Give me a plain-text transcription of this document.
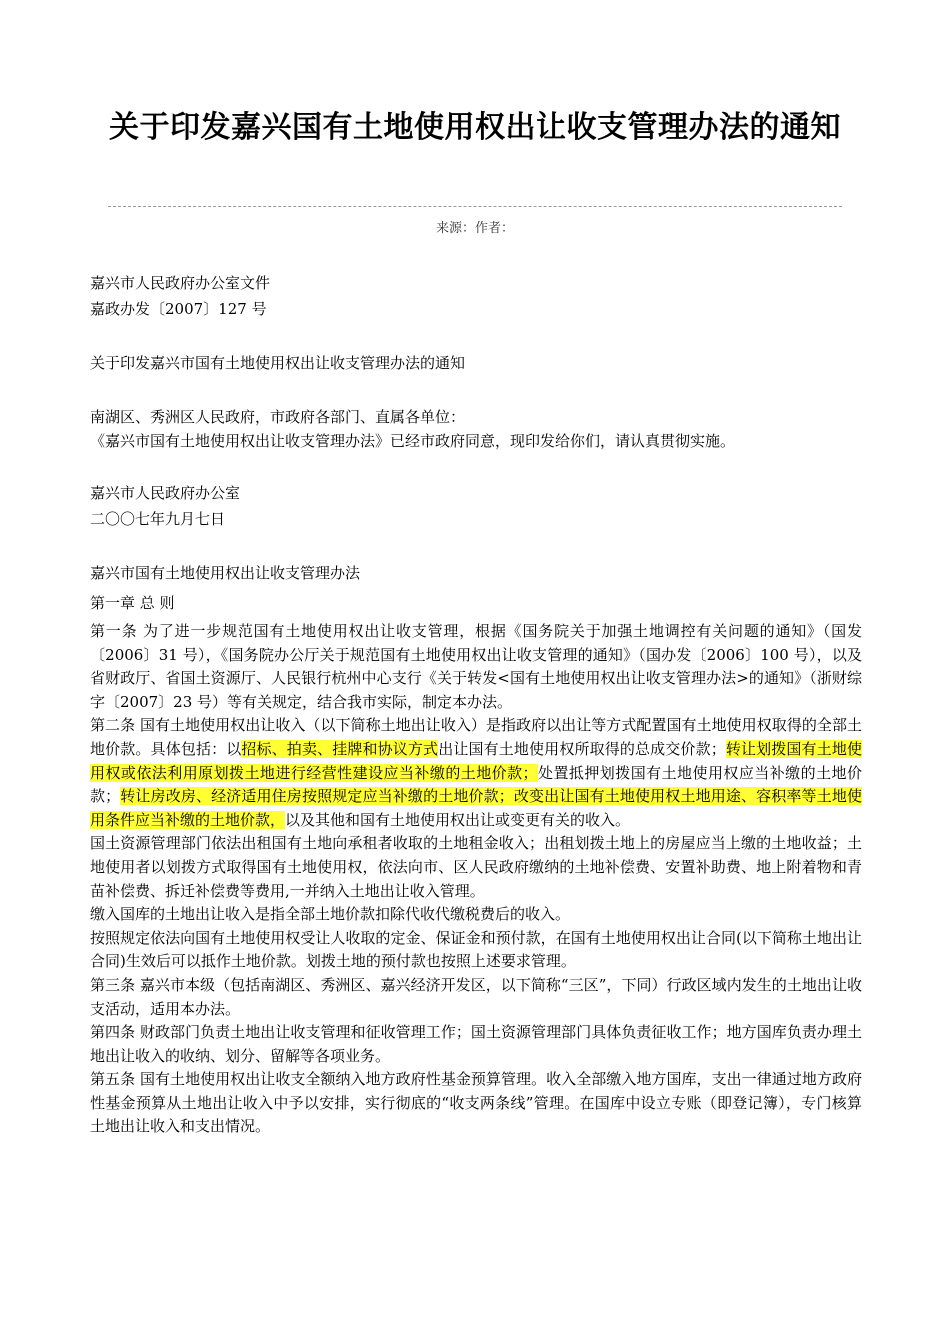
关于印发嘉兴国有土地使用权出让收支管理办法的通知
来源：作者：
嘉兴市人民政府办公室文件
嘉政办发〔2007〕127 号
关于印发嘉兴市国有土地使用权出让收支管理办法的通知
南湖区、秀洲区人民政府，市政府各部门、直属各单位：
《嘉兴市国有土地使用权出让收支管理办法》已经市政府同意，现印发给你们，请认真贯彻实施。
嘉兴市人民政府办公室
二〇〇七年九月七日
嘉兴市国有土地使用权出让收支管理办法
第一章 总 则
第一条 为了进一步规范国有土地使用权出让收支管理，根据《国务院关于加强土地调控有关问题的通知》（国发〔2006〕31 号），《国务院办公厅关于规范国有土地使用权出让收支管理的通知》（国办发〔2006〕100 号），以及省财政厅、省国土资源厅、人民银行杭州中心支行《关于转发<国有土地使用权出让收支管理办法>的通知》（浙财综字〔2007〕23 号）等有关规定，结合我市实际，制定本办法。
第二条 国有土地使用权出让收入（以下简称土地出让收入）是指政府以出让等方式配置国有土地使用权取得的全部土地价款。具体包括：以招标、拍卖、挂牌和协议方式出让国有土地使用权所取得的总成交价款；转让划拨国有土地使用权或依法利用原划拨土地进行经营性建设应当补缴的土地价款；处置抵押划拨国有土地使用权应当补缴的土地价款；转让房改房、经济适用住房按照规定应当补缴的土地价款；改变出让国有土地使用权土地用途、容积率等土地使用条件应当补缴的土地价款，以及其他和国有土地使用权出让或变更有关的收入。
国土资源管理部门依法出租国有土地向承租者收取的土地租金收入；出租划拨土地上的房屋应当上缴的土地收益；土地使用者以划拨方式取得国有土地使用权，依法向市、区人民政府缴纳的土地补偿费、安置补助费、地上附着物和青苗补偿费、拆迁补偿费等费用,一并纳入土地出让收入管理。
缴入国库的土地出让收入是指全部土地价款扣除代收代缴税费后的收入。
按照规定依法向国有土地使用权受让人收取的定金、保证金和预付款，在国有土地使用权出让合同(以下简称土地出让合同)生效后可以抵作土地价款。划拨土地的预付款也按照上述要求管理。
第三条 嘉兴市本级（包括南湖区、秀洲区、嘉兴经济开发区，以下简称“三区”，下同）行政区域内发生的土地出让收支活动，适用本办法。
第四条 财政部门负责土地出让收支管理和征收管理工作；国土资源管理部门具体负责征收工作；地方国库负责办理土地出让收入的收纳、划分、留解等各项业务。
第五条 国有土地使用权出让收支全额纳入地方政府性基金预算管理。收入全部缴入地方国库，支出一律通过地方政府性基金预算从土地出让收入中予以安排，实行彻底的“收支两条线”管理。在国库中设立专账（即登记簿），专门核算土地出让收入和支出情况。
